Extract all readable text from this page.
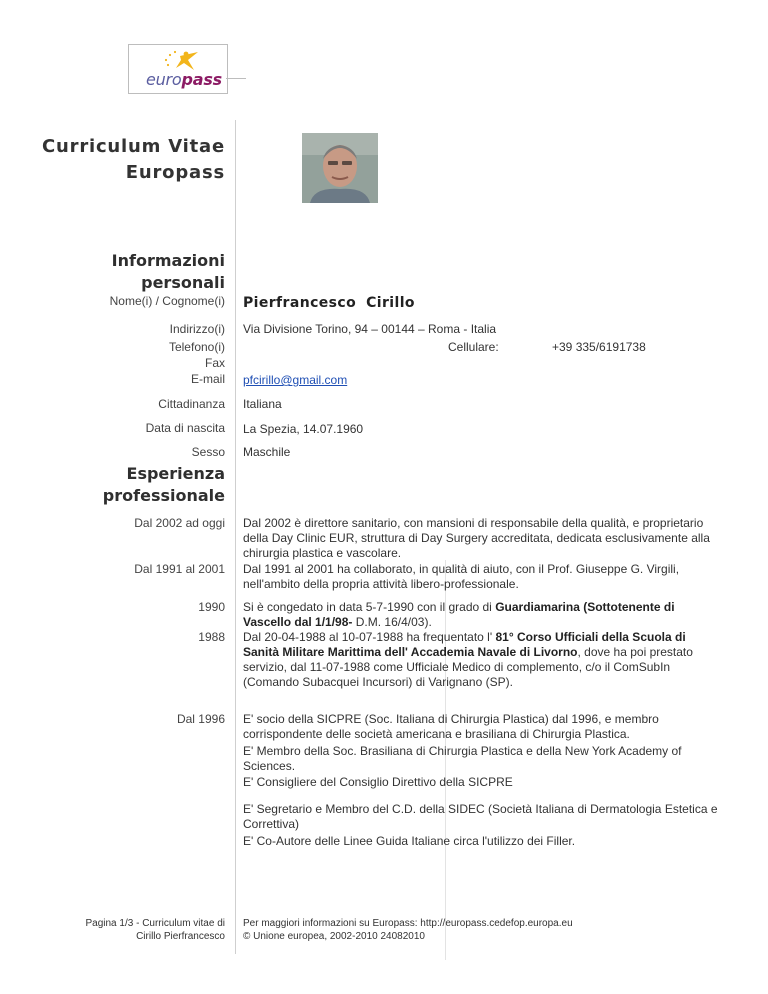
europass
Curriculum Vitae
Europass
Informazioni
personali
Nome(i) / Cognome(i) Pierfrancesco Cirillo
Indirizzo(i) Via Divisione Torino, 94 – 00144 – Roma - Italia
Telefono(i)	Cellulare:	+39 335/6191738
Fax
E-mail pfcirillo@gmail.com
Cittadinanza Italiana
Data di nascita La Spezia, 14.07.1960
Sesso Maschile
Esperienza
professionale
Dal 2002 ad oggi Dal 2002 è direttore sanitario, con mansioni di responsabile della qualità, e proprietario della Day Clinic EUR, struttura di Day Surgery accreditata, dedicata esclusivamente alla chirurgia plastica e vascolare.
Dal 1991 al 2001 Dal 1991 al 2001 ha collaborato, in qualità di aiuto, con il Prof. Giuseppe G. Virgili, nell'ambito della propria attività libero-professionale.
1990 Si è congedato in data 5-7-1990 con il grado di Guardiamarina (Sottotenente di Vascello dal 1/1/98- D.M. 16/4/03).
1988 Dal 20-04-1988 al 10-07-1988 ha frequentato l' 81° Corso Ufficiali della Scuola di Sanità Militare Marittima dell' Accademia Navale di Livorno, dove ha poi prestato servizio, dal 11-07-1988 come Ufficiale Medico di complemento, c/o il ComSubIn (Comando Subacquei Incursori) di Varignano (SP).
Dal 1996 E' socio della SICPRE (Soc. Italiana di Chirurgia Plastica) dal 1996, e membro corrispondente delle società americana e brasiliana di Chirurgia Plastica.
E' Membro della Soc. Brasiliana di Chirurgia Plastica e della New York Academy of Sciences.
E' Consigliere del Consiglio Direttivo della SICPRE
E' Segretario e Membro del C.D. della SIDEC (Società Italiana di Dermatologia Estetica e Correttiva)
E' Co-Autore delle Linee Guida Italiane circa l'utilizzo dei Filler.
Pagina 1/3 - Curriculum vitae di
Cirillo Pierfrancesco
Per maggiori informazioni su Europass: http://europass.cedefop.europa.eu
© Unione europea, 2002-2010 24082010
